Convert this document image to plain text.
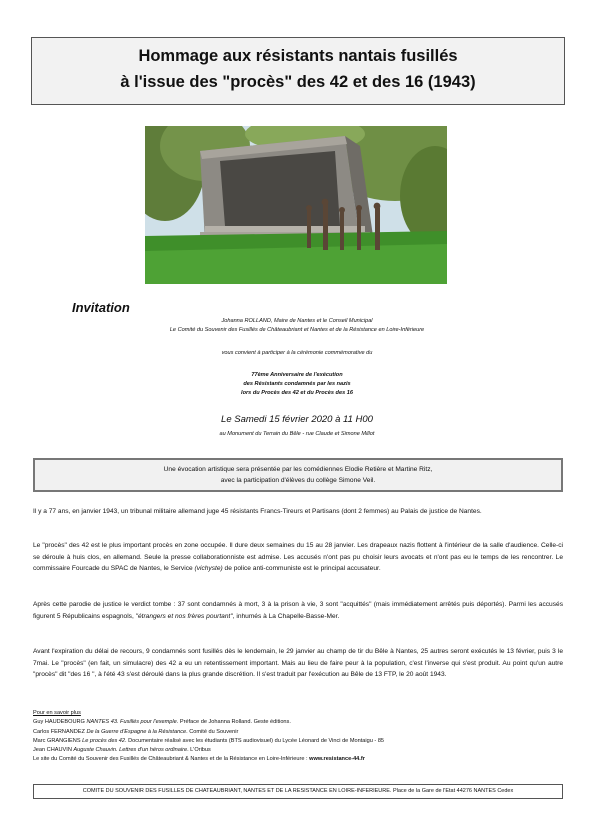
Hommage aux résistants nantais fusillés
à l'issue des "procès" des 42 et des 16 (1943)
Invitation
Johanna ROLLAND, Maire de Nantes et le Conseil Municipal
Le Comité du Souvenir des Fusillés de Châteaubriant et Nantes et de la Résistance en Loire-Inférieure
vous convient à participer à la cérémonie commémorative du
77ème Anniversaire de l'exécution
des Résistants condamnés par les nazis
lors du Procès des 42 et du Procès des 16
Le Samedi 15 février 2020 à 11 H00
au Monument du Terrain du Bêle - rue Claude et Simone Millot
Une évocation artistique sera présentée par les comédiennes Elodie Retière et Martine Ritz,
avec la participation d'élèves du collège Simone Veil.
Il y a 77 ans, en janvier 1943, un tribunal militaire allemand juge 45 résistants Francs-Tireurs et Partisans (dont 2 femmes) au Palais de justice de Nantes.
Le "procès" des 42 est le plus important procès en zone occupée. Il dure deux semaines du 15 au 28 janvier. Les drapeaux nazis flottent à l'intérieur de la salle d'audience. Celle-ci se déroule à huis clos, en allemand. Seule la presse collaborationniste est admise. Les accusés n'ont pas pu choisir leurs avocats et n'ont pas eu le temps de les rencontrer. Le commissaire Fourcade du SPAC de Nantes, le Service (vichyste) de police anti-communiste est le principal accusateur.
Après cette parodie de justice le verdict tombe : 37 sont condamnés à mort, 3 à la prison à vie, 3 sont "acquittés" (mais immédiatement arrêtés puis déportés). Parmi les accusés figurent 5 Républicains espagnols, "étrangers et nos frères pourtant", inhumés à La Chapelle-Basse-Mer.
Avant l'expiration du délai de recours, 9 condamnés sont fusillés dès le lendemain, le 29 janvier au champ de tir du Bêle à Nantes, 25 autres seront exécutés le 13 février, puis 3 le 7mai. Le "procès" (en fait, un simulacre) des 42 a eu un retentissement important. Mais au lieu de faire peur à la population, c'est l'inverse qui s'est produit. Au point qu'un autre "procès" dit "des 16 ", à l'été 43 s'est déroulé dans la plus grande discrétion. Il s'est traduit par l'exécution au Bêle de 13 FTP, le 20 août 1943.
Pour en savoir plus
Guy HAUDEBOURG NANTES 43. Fusillés pour l'exemple. Préface de Johanna Rolland. Geste éditions.
Carlos FERNANDEZ De la Guerre d'Espagne à la Résistance. Comité du Souvenir
Marc GRANGIENS Le procès des 42. Documentaire réalisé avec les étudiants (BTS audiovisuel) du Lycée Léonard de Vinci de Montaigu - 85
Jean CHAUVIN Auguste Chauvin. Lettres d'un héros ordinaire. L'Oribus
Le site du Comité du Souvenir des Fusillés de Châteaubriant & Nantes et de la Résistance en Loire-Inférieure : www.resistance-44.fr
COMITE DU SOUVENIR DES FUSILLES DE CHATEAUBRIANT, NANTES ET DE LA RESISTANCE EN LOIRE-INFERIEURE. Place de la Gare de l'Etat 44276 NANTES Cedex
